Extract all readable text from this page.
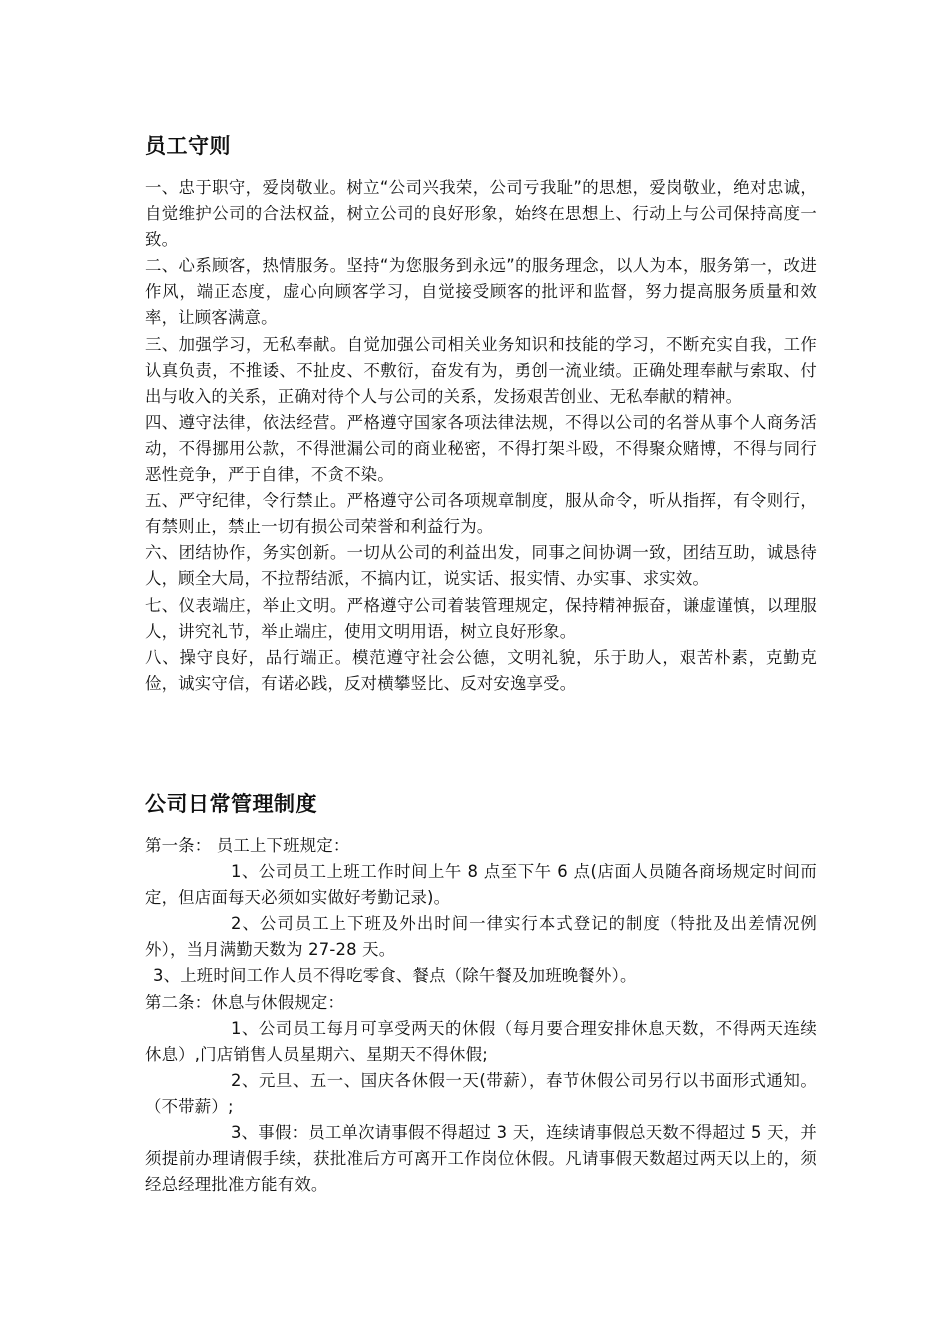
员工守则

一、忠于职守，爱岗敬业。树立“公司兴我荣，公司亏我耻”的思想，爱岗敬业，绝对忠诚，自觉维护公司的合法权益，树立公司的良好形象，始终在思想上、行动上与公司保持高度一致。

二、心系顾客，热情服务。坚持“为您服务到永远”的服务理念，以人为本，服务第一，改进作风，端正态度，虚心向顾客学习，自觉接受顾客的批评和监督，努力提高服务质量和效率，让顾客满意。

三、加强学习，无私奉献。自觉加强公司相关业务知识和技能的学习，不断充实自我，工作认真负责，不推诿、不扯皮、不敷衍，奋发有为，勇创一流业绩。正确处理奉献与索取、付出与收入的关系，正确对待个人与公司的关系，发扬艰苦创业、无私奉献的精神。

四、遵守法律，依法经营。严格遵守国家各项法律法规，不得以公司的名誉从事个人商务活动，不得挪用公款，不得泄漏公司的商业秘密，不得打架斗殴，不得聚众赌博，不得与同行恶性竞争，严于自律，不贪不染。

五、严守纪律，令行禁止。严格遵守公司各项规章制度，服从命令，听从指挥，有令则行，有禁则止，禁止一切有损公司荣誉和利益行为。

六、团结协作，务实创新。一切从公司的利益出发，同事之间协调一致，团结互助，诚恳待人，顾全大局，不拉帮结派，不搞内讧，说实话、报实情、办实事、求实效。

七、仪表端庄，举止文明。严格遵守公司着装管理规定，保持精神振奋，谦虚谨慎，以理服人，讲究礼节，举止端庄，使用文明用语，树立良好形象。

八、操守良好，品行端正。模范遵守社会公德，文明礼貌，乐于助人，艰苦朴素，克勤克俭，诚实守信，有诺必践，反对横攀竖比、反对安逸享受。

公司日常管理制度

第一条： 员工上下班规定：

1、公司员工上班工作时间上午 8 点至下午 6 点(店面人员随各商场规定时间而定，但店面每天必须如实做好考勤记录)。

2、公司员工上下班及外出时间一律实行本式登记的制度（特批及出差情况例外），当月满勤天数为 27-28 天。

3、上班时间工作人员不得吃零食、餐点（除午餐及加班晚餐外）。

第二条：休息与休假规定：

1、公司员工每月可享受两天的休假（每月要合理安排休息天数，不得两天连续休息）,门店销售人员星期六、星期天不得休假;

2、元旦、五一、国庆各休假一天(带薪），春节休假公司另行以书面形式通知。（不带薪）;

3、事假：员工单次请事假不得超过 3 天，连续请事假总天数不得超过 5 天，并须提前办理请假手续，获批准后方可离开工作岗位休假。凡请事假天数超过两天以上的，须经总经理批准方能有效。
